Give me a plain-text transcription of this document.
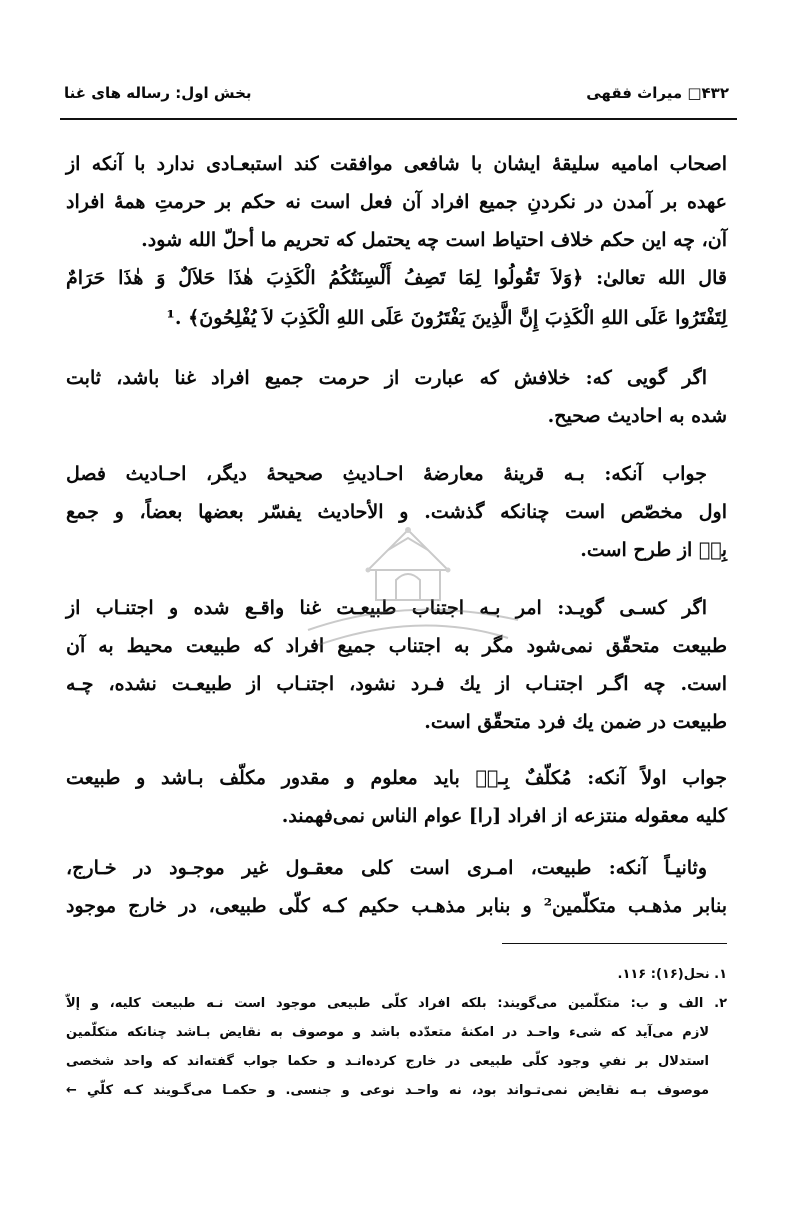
۴۳۲□ میراث فقهی
بخش اول: رساله های غنا
اصحاب امامیه سلیقهٔ ایشان با شافعی موافقت کند استبعـادی ندارد با آنکه از
عهده بر آمدن در نکردنِ جمیع افراد آن فعل است نه حکم بر حرمتِ همهٔ افراد
آن، چه این حکم خلاف احتیاط است چه یحتمل که تحریم ما أحلّ الله شود.
قال الله تعالیٰ: ﴿وَلاَ تَقُولُوا لِمَا تَصِفُ أَلْسِنَتُكُمُ الْكَذِبَ هٰذَا حَلاَلٌ وَ هٰذَا حَرَامٌ
لِتَفْتَرُوا عَلَى اللهِ الْكَذِبَ إِنَّ الَّذِينَ يَفْتَرُونَ عَلَى اللهِ الْكَذِبَ لاَ يُفْلِحُونَ﴾ .¹
اگر گویی که: خلافش که عبارت از حرمت جمیع افراد غنا باشد، ثابت
شده به احادیث صحیح.
جواب آنکه: بـه قرینهٔ معارضهٔ احـادیثِ صحیحهٔ دیگر، احـادیث فصل
اول مخصّص است چنانکه گذشت. و الأحادیث یفسّر بعضها بعضاً، و جمع
بِهٖ از طرح است.
اگر کسـی گویـد: امر بـه اجتناب طبیعـت غنا واقـع شده و اجتنـاب از
طبیعت متحقّق نمی‌شود مگر به اجتناب جمیع افراد که طبیعت محیط به آن
است. چه اگـر اجتنـاب از یك فـرد نشود، اجتنـاب از طبیعـت نشده، چـه
طبیعت در ضمن یك فرد متحقّق است.
جواب اولاً آنکه: مُکلّفٌ بِـهٖ باید معلوم و مقدور مکلّف بـاشد و طبیعت
کلیه معقوله منتزعه از افراد [را] عوام الناس نمی‌فهمند.
وثانیـاً آنکه: طبیعت، امـری است کلی معقـول غیر موجـود در خـارج،
بنابر مذهـب متکلّمین² و بنابر مذهـب حکیم کـه کلّی طبیعی، در خارج موجود
۱. نحل(۱۶): ۱۱۶.
۲. الف و ب: متکلّمین می‌گویند: بلکه افراد کلّی طبیعی موجود است نـه طبیعت کلیه، و إلاّ
لازم می‌آید که شیء واحـد در امکنهٔ متعدّده باشد و موصوف به نقایض بـاشد چنانکه متکلّمین
استدلال بر نفیِ وجود کلّی طبیعی در خارج کرده‌انـد و حکما جواب گفته‌اند که واحد شخصی
موصوف بـه نقایض نمی‌تـواند بود، نه واحـد نوعی و جنسی. و حکمـا می‌گـویند کـه کلّیِ ←
